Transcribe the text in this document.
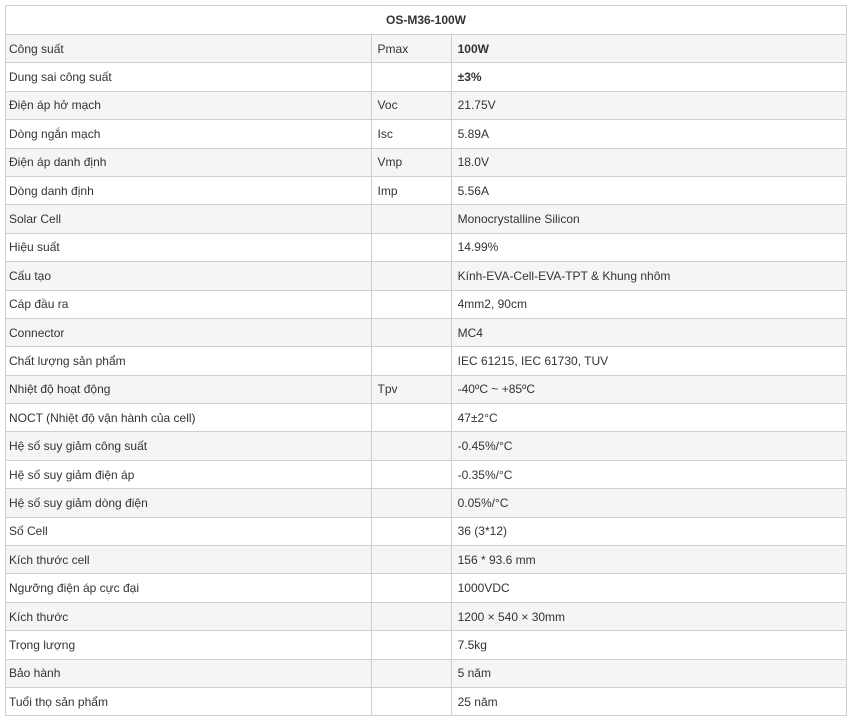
OS-M36-100W		
Công suất	Pmax	100W
Dung sai công suất		±3%
Điện áp hở mạch	Voc	21.75V
Dòng ngắn mạch	Isc	5.89A
Điện áp danh định	Vmp	18.0V
Dòng danh định	Imp	5.56A
Solar Cell		Monocrystalline Silicon
Hiệu suất		14.99%
Cấu tạo		Kính-EVA-Cell-EVA-TPT & Khung nhôm
Cáp đầu ra		4mm2, 90cm
Connector		MC4
Chất lượng sản phẩm		IEC 61215, IEC 61730, TUV
Nhiệt độ hoạt động	Tpv	-40ºC ~ +85ºC
NOCT (Nhiệt độ vận hành của cell)		47±2°C
Hệ số suy giảm công suất		-0.45%/°C
Hệ số suy giảm điện áp		-0.35%/°C
Hệ số suy giảm dòng điện		0.05%/°C
Số Cell		36 (3*12)
Kích thước cell		156 * 93.6 mm
Ngưỡng điện áp cực đại		1000VDC
Kích thước		1200 × 540 × 30mm
Trọng lượng		7.5kg
Bảo hành		5 năm
Tuổi thọ sản phẩm		25 năm
